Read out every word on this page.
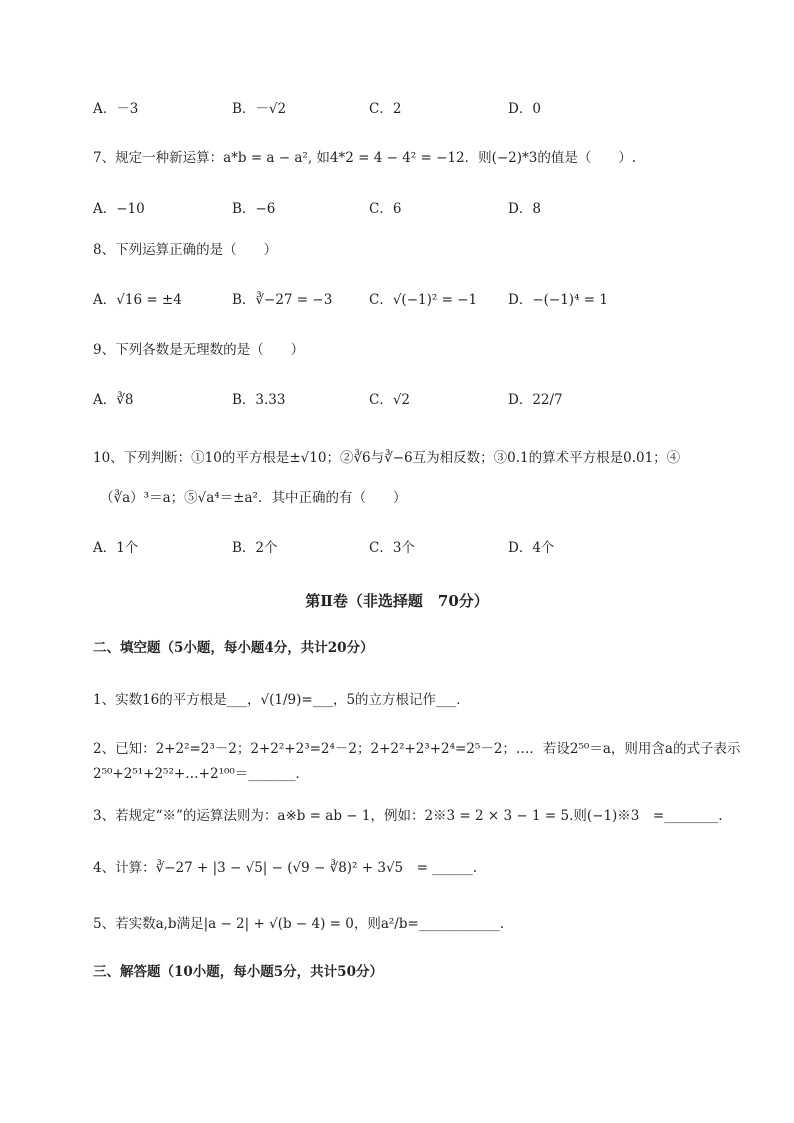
A．－3	B．－√2	C．2	D．0
7、规定一种新运算：a*b = a − a², 如4*2 = 4 − 4² = −12．则(−2)*3的值是（　　）.
A．−10	B．−6	C．6	D．8
8、下列运算正确的是（　　）
A．√16 = ±4	B．∛−27 = −3	C．√(−1)² = −1 D．−(−1)⁴ = 1
9、下列各数是无理数的是（　　）
A．∛8	B．3.33	C．√2	D．22/7
10、下列判断：①10的平方根是±√10；②∛6与∛−6互为相反数；③0.1的算术平方根是0.01；④
（∛a）³＝a；⑤√a⁴＝±a²．其中正确的有（　　）
A．1个	B．2个	C．3个	D．4个
第Ⅱ卷（非选择题　70分）
二、填空题（5小题，每小题4分，共计20分）
1、实数16的平方根是___，√(1/9)=___，5的立方根记作___．
2、已知：2+2²=2³－2；2+2²+2³=2⁴－2；2+2²+2³+2⁴=2⁵－2；…．若设2⁵⁰＝a，则用含a的式子表示
2⁵⁰+2⁵¹+2⁵²+…+2¹⁰⁰＝_______．
3、若规定“※”的运算法则为：a※b = ab − 1，例如：2※3 = 2 × 3 − 1 = 5.则(−1)※3　=________.
4、计算：∛−27 + |3 − √5| − (√9 − ∛8)² + 3√5　= ______.
5、若实数a,b满足|a − 2| + √(b − 4) = 0，则a²/b=____________.
三、解答题（10小题，每小题5分，共计50分）
